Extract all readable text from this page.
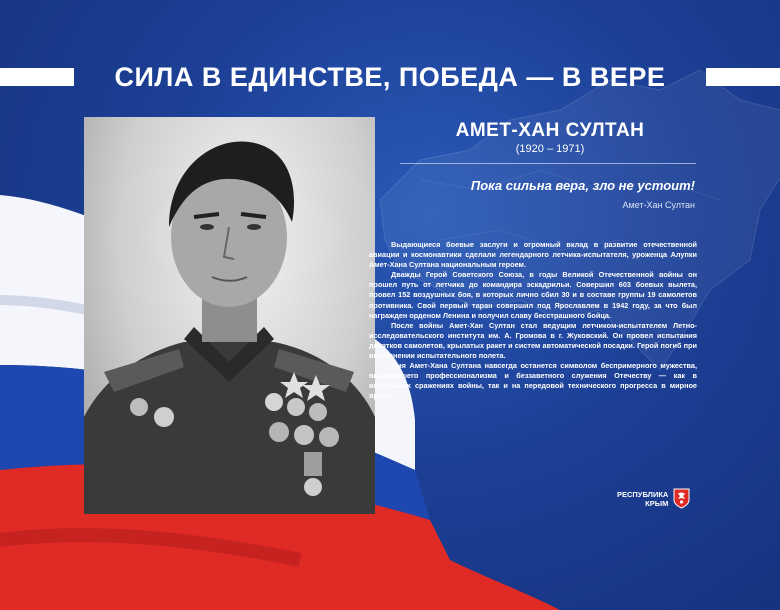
СИЛА В ЕДИНСТВЕ, ПОБЕДА — В ВЕРЕ
АМЕТ-ХАН СУЛТАН
(1920 – 1971)
Пока сильна вера, зло не устоит!
Амет-Хан Султан

Выдающиеся боевые заслуги и огромный вклад в развитие отечественной авиации и космонавтики сделали легендарного летчика-испытателя, уроженца Алупки Амет-Хана Султана национальным героем.

Дважды Герой Советского Союза, в годы Великой Отечественной войны он прошел путь от летчика до командира эскадрильи. Совершил 603 боевых вылета, провел 152 воздушных боя, в которых лично сбил 30 и в составе группы 19 самолетов противника. Свой первый таран совершил под Ярославлем в 1942 году, за что был награжден орденом Ленина и получил славу бесстрашного бойца.

После войны Амет-Хан Султан стал ведущим летчиком-испытателем Летно-исследовательского института им. А. Громова в г. Жуковский. Он провел испытания десятков самолетов, крылатых ракет и систем автоматической посадки. Герой погиб при выполнении испытательного полета.

Имя Амет-Хана Султана навсегда останется символом беспримерного мужества, высочайшего профессионализма и беззаветного служения Отечеству — как в воздушных сражениях войны, так и на передовой технического прогресса в мирное время.

РЕСПУБЛИКА
КРЫМ
